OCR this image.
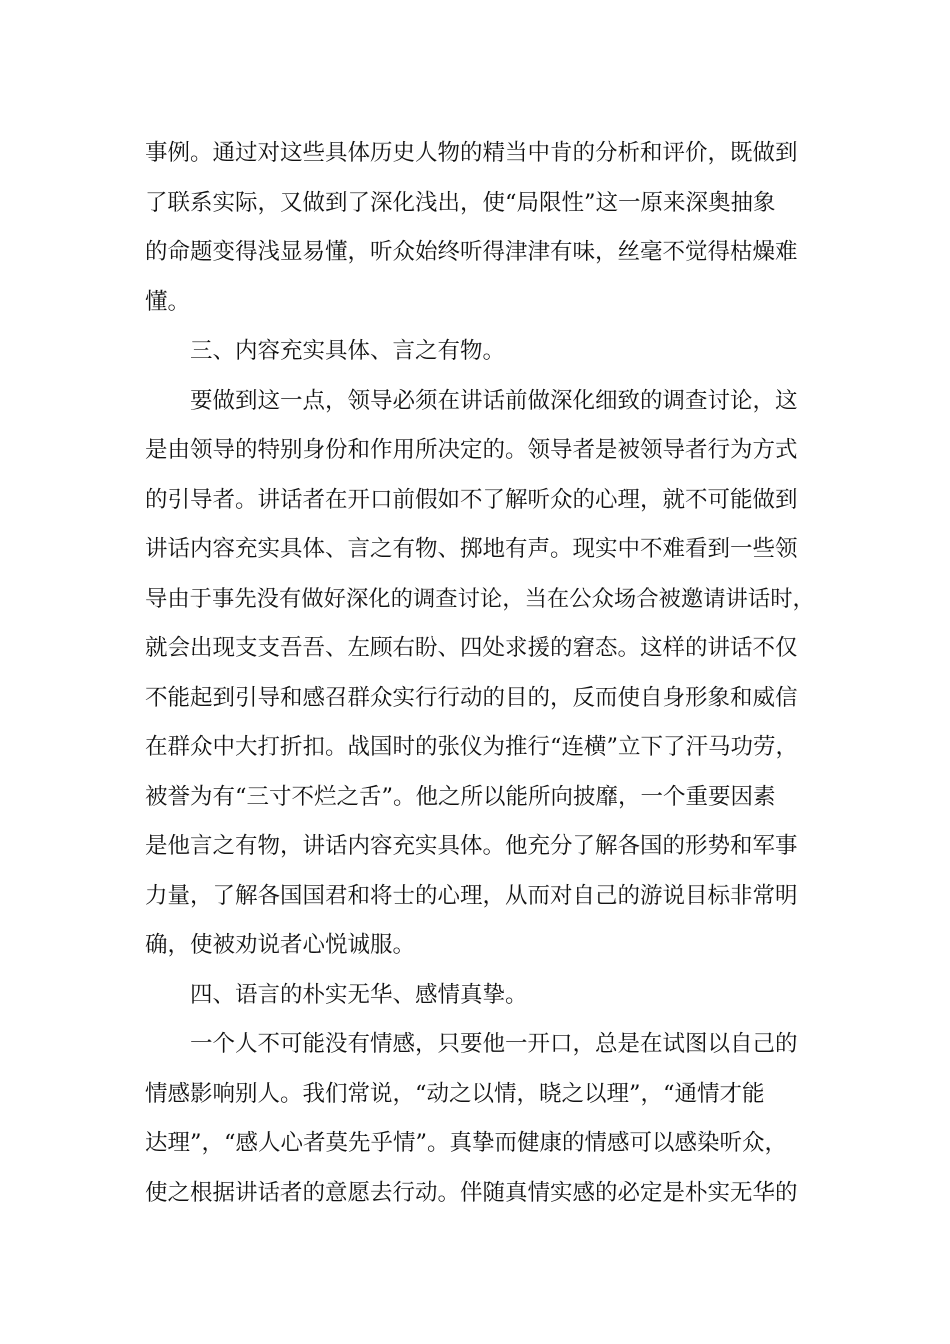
事例。通过对这些具体历史人物的精当中肯的分析和评价，既做到
了联系实际，又做到了深化浅出，使“局限性”这一原来深奥抽象
的命题变得浅显易懂，听众始终听得津津有味，丝毫不觉得枯燥难
懂。
三、内容充实具体、言之有物。
要做到这一点，领导必须在讲话前做深化细致的调查讨论，这
是由领导的特别身份和作用所决定的。领导者是被领导者行为方式
的引导者。讲话者在开口前假如不了解听众的心理，就不可能做到
讲话内容充实具体、言之有物、掷地有声。现实中不难看到一些领
导由于事先没有做好深化的调查讨论，当在公众场合被邀请讲话时，
就会出现支支吾吾、左顾右盼、四处求援的窘态。这样的讲话不仅
不能起到引导和感召群众实行行动的目的，反而使自身形象和威信
在群众中大打折扣。战国时的张仪为推行“连横”立下了汗马功劳，
被誉为有“三寸不烂之舌”。他之所以能所向披靡，一个重要因素
是他言之有物，讲话内容充实具体。他充分了解各国的形势和军事
力量，了解各国国君和将士的心理，从而对自己的游说目标非常明
确，使被劝说者心悦诚服。
四、语言的朴实无华、感情真挚。
一个人不可能没有情感，只要他一开口，总是在试图以自己的
情感影响别人。我们常说，“动之以情，晓之以理”，“通情才能
达理”，“感人心者莫先乎情”。真挚而健康的情感可以感染听众，
使之根据讲话者的意愿去行动。伴随真情实感的必定是朴实无华的
